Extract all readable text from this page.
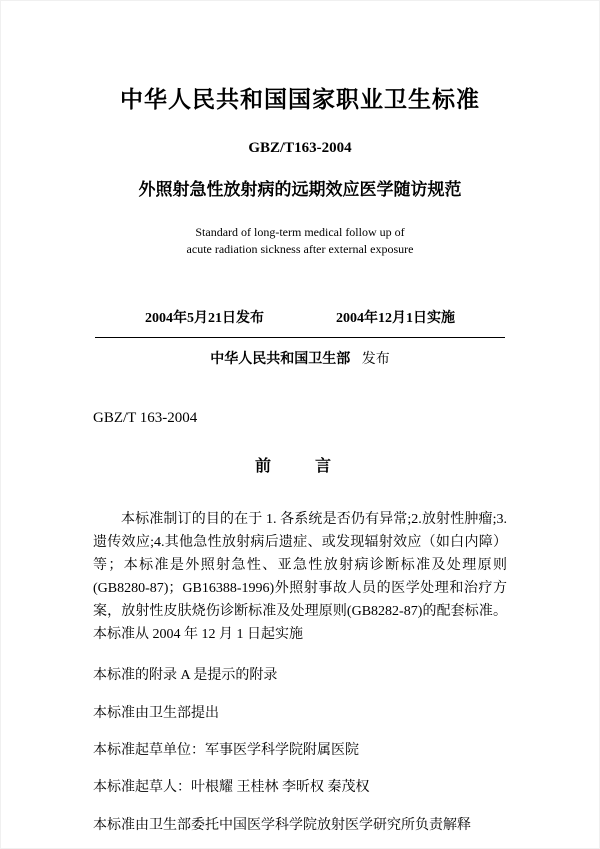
中华人民共和国国家职业卫生标准
GBZ/T163-2004
外照射急性放射病的远期效应医学随访规范
Standard of long-term medical follow up of
acute radiation sickness after external exposure
2004年5月21日发布	2004年12月1日实施
中华人民共和国卫生部 发布
GBZ/T 163-2004
前　言

本标准制订的目的在于 1. 各系统是否仍有异常;2.放射性肿瘤;3.遗传效应;4.其他急性放射病后遗症、或发现辐射效应（如白内障）等；本标准是外照射急性、亚急性放射病诊断标准及处理原则(GB8280-87)；GB16388-1996)外照射事故人员的医学处理和治疗方案，放射性皮肤烧伤诊断标准及处理原则(GB8282-87)的配套标准。本标准从 2004 年 12 月 1 日起实施

本标准的附录 A 是提示的附录

本标准由卫生部提出

本标准起草单位：军事医学科学院附属医院

本标准起草人：叶根耀 王桂林 李昕权 秦茂权

本标准由卫生部委托中国医学科学院放射医学研究所负责解释
